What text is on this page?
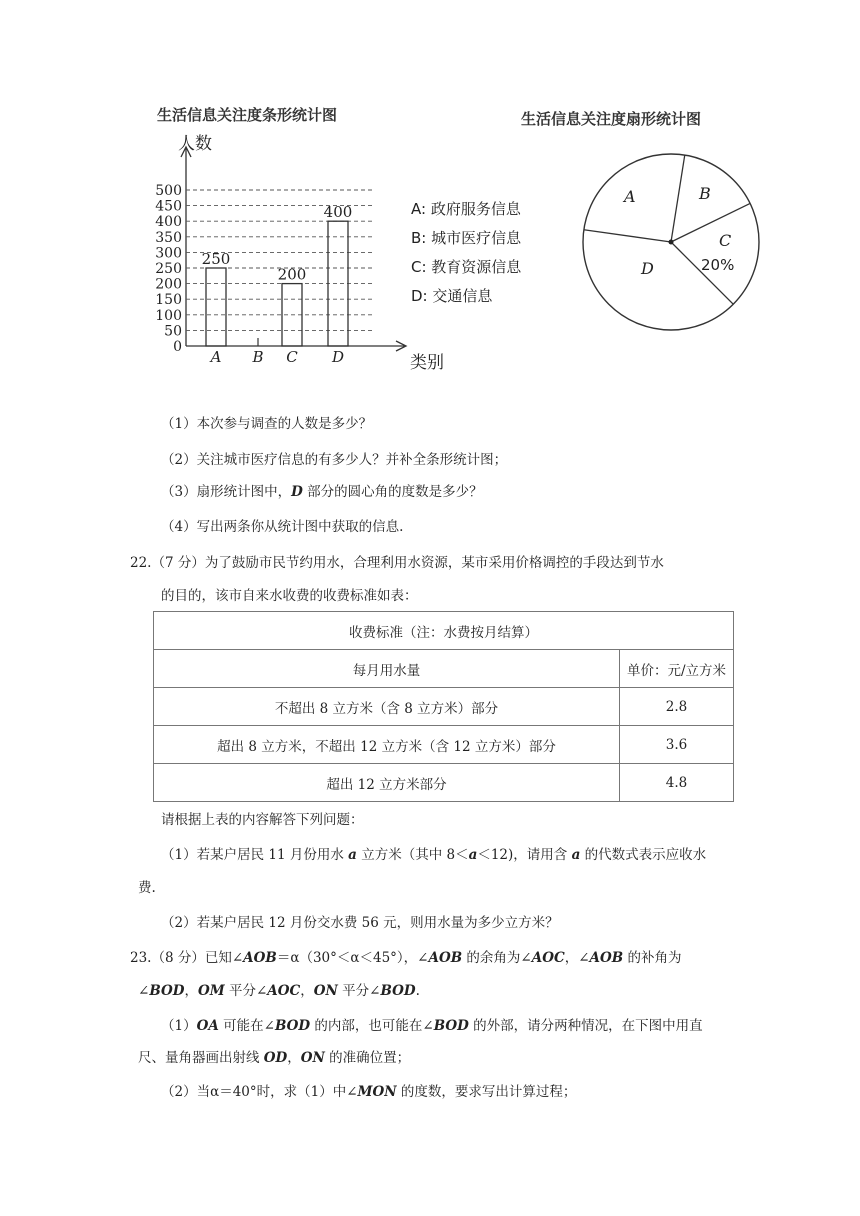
生活信息关注度条形统计图
0
50
100
150
200
250
300
350
400
450
500
250
A B
200
C
400
D
人数
类别
A: 政府服务信息
B: 城市医疗信息
C: 教育资源信息
D: 交通信息
生活信息关注度扇形统计图
A	B
C
D	20%
（1）本次参与调查的人数是多少？
（2）关注城市医疗信息的有多少人？并补全条形统计图；
（3）扇形统计图中，D 部分的圆心角的度数是多少？
（4）写出两条你从统计图中获取的信息.
22.（7 分）为了鼓励市民节约用水，合理利用水资源，某市采用价格调控的手段达到节水
的目的，该市自来水收费的收费标准如表：
收费标准（注：水费按月结算）	
每月用水量	单价：元/立方米
不超出 8 立方米（含 8 立方米）部分	2.8
超出 8 立方米，不超出 12 立方米（含 12 立方米）部分	3.6
超出 12 立方米部分	4.8
请根据上表的内容解答下列问题：
（1）若某户居民 11 月份用水 a 立方米（其中 8＜a＜12)，请用含 a 的代数式表示应收水
费.
（2）若某户居民 12 月份交水费 56 元，则用水量为多少立方米？
23.（8 分）已知∠AOB＝α（30°＜α＜45°），∠AOB 的余角为∠AOC，∠AOB 的补角为
∠BOD，OM 平分∠AOC，ON 平分∠BOD.
（1）OA 可能在∠BOD 的内部，也可能在∠BOD 的外部，请分两种情况，在下图中用直
尺、量角器画出射线 OD，ON 的准确位置；
（2）当α＝40°时，求（1）中∠MON 的度数，要求写出计算过程；
